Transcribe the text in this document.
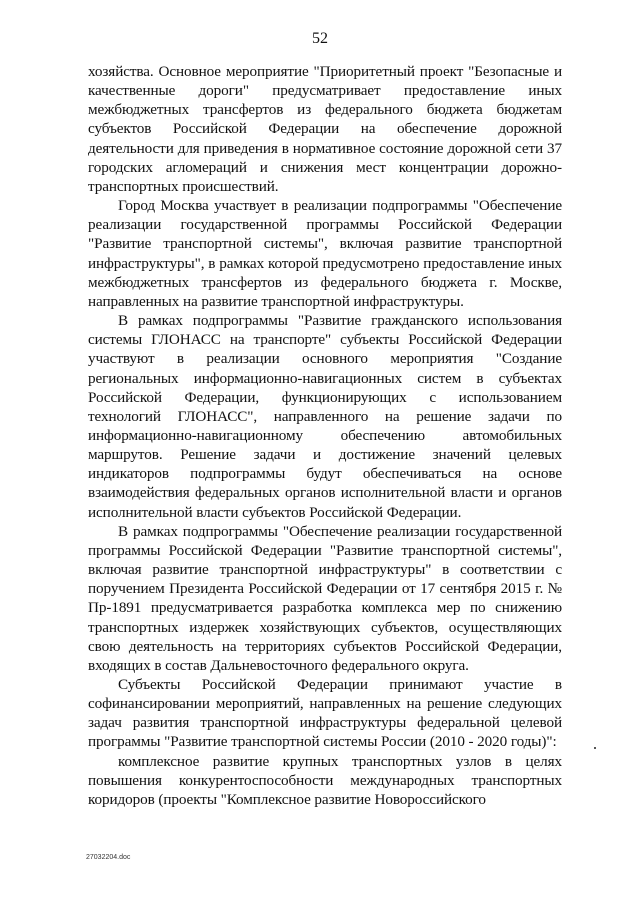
52

хозяйства. Основное мероприятие "Приоритетный проект "Безопасные и качественные дороги" предусматривает предоставление иных межбюджетных трансфертов из федерального бюджета бюджетам субъектов Российской Федерации на обеспечение дорожной деятельности для приведения в нормативное состояние дорожной сети 37 городских агломераций и снижения мест концентрации дорожно-транспортных происшествий.

Город Москва участвует в реализации подпрограммы "Обеспечение реализации государственной программы Российской Федерации "Развитие транспортной системы", включая развитие транспортной инфраструктуры", в рамках которой предусмотрено предоставление иных межбюджетных трансфертов из федерального бюджета г. Москве, направленных на развитие транспортной инфраструктуры.

В рамках подпрограммы "Развитие гражданского использования системы ГЛОНАСС на транспорте" субъекты Российской Федерации участвуют в реализации основного мероприятия "Создание региональных информационно-навигационных систем в субъектах Российской Федерации, функционирующих с использованием технологий ГЛОНАСС", направленного на решение задачи по информационно-навигационному обеспечению автомобильных маршрутов. Решение задачи и достижение значений целевых индикаторов подпрограммы будут обеспечиваться на основе взаимодействия федеральных органов исполнительной власти и органов исполнительной власти субъектов Российской Федерации.

В рамках подпрограммы "Обеспечение реализации государственной программы Российской Федерации "Развитие транспортной системы", включая развитие транспортной инфраструктуры" в соответствии с поручением Президента Российской Федерации от 17 сентября 2015 г. № Пр-1891 предусматривается разработка комплекса мер по снижению транспортных издержек хозяйствующих субъектов, осуществляющих свою деятельность на территориях субъектов Российской Федерации, входящих в состав Дальневосточного федерального округа.

Субъекты Российской Федерации принимают участие в софинансировании мероприятий, направленных на решение следующих задач развития транспортной инфраструктуры федеральной целевой программы "Развитие транспортной системы России (2010 - 2020 годы)":

комплексное развитие крупных транспортных узлов в целях повышения конкурентоспособности международных транспортных коридоров (проекты "Комплексное развитие Новороссийского

27032204.doc
